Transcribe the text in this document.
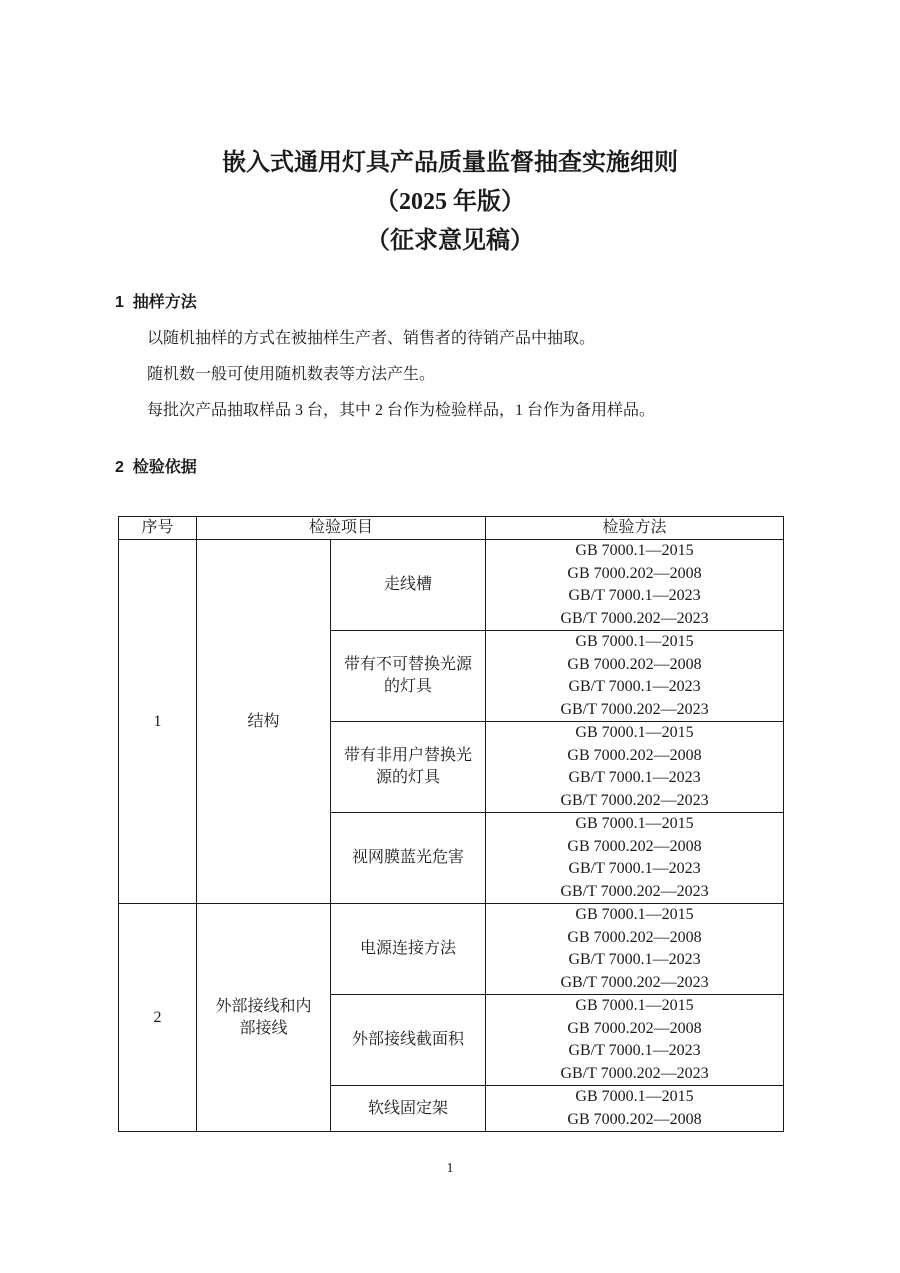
嵌入式通用灯具产品质量监督抽查实施细则
（2025 年版）
（征求意见稿）
1  抽样方法

以随机抽样的方式在被抽样生产者、销售者的待销产品中抽取。

随机数一般可使用随机数表等方法产生。

每批次产品抽取样品 3 台，其中 2 台作为检验样品，1 台作为备用样品。

2  检验依据
序号	检验项目		检验方法
1	结构	走线槽	GB 7000.1—2015
GB 7000.202—2008
GB/T 7000.1—2023
GB/T 7000.202—2023

		带有不可替换光源的灯具	GB 7000.1—2015
GB 7000.202—2008
GB/T 7000.1—2023
GB/T 7000.202—2023

		带有非用户替换光源的灯具	GB 7000.1—2015
GB 7000.202—2008
GB/T 7000.1—2023
GB/T 7000.202—2023

		视网膜蓝光危害	GB 7000.1—2015
GB 7000.202—2008
GB/T 7000.1—2023
GB/T 7000.202—2023

2	外部接线和内部接线	电源连接方法	GB 7000.1—2015
GB 7000.202—2008
GB/T 7000.1—2023
GB/T 7000.202—2023

		外部接线截面积	GB 7000.1—2015
GB 7000.202—2008
GB/T 7000.1—2023
GB/T 7000.202—2023

		软线固定架	GB 7000.1—2015
GB 7000.202—2008
1
